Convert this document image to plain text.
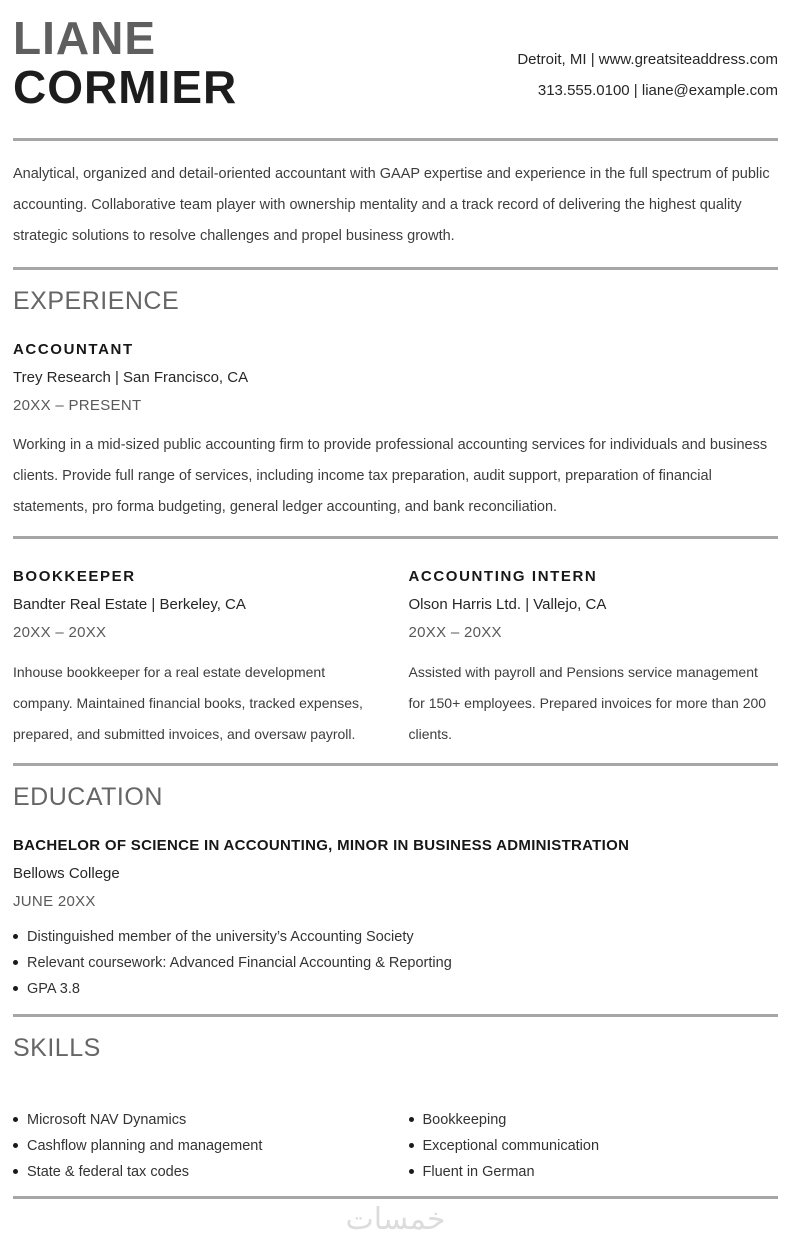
LIANE
CORMIER
Detroit, MI | www.greatsiteaddress.com
313.555.0100 | liane@example.com

Analytical, organized and detail-oriented accountant with GAAP expertise and experience in the full spectrum of public accounting. Collaborative team player with ownership mentality and a track record of delivering the highest quality strategic solutions to resolve challenges and propel business growth.

EXPERIENCE
ACCOUNTANT
Trey Research | San Francisco, CA
20XX – PRESENT

Working in a mid-sized public accounting firm to provide professional accounting services for individuals and business clients. Provide full range of services, including income tax preparation, audit support, preparation of financial statements, pro forma budgeting, general ledger accounting, and bank reconciliation.

BOOKKEEPER
Bandter Real Estate | Berkeley, CA
20XX – 20XX

Inhouse bookkeeper for a real estate development company. Maintained financial books, tracked expenses, prepared, and submitted invoices, and oversaw payroll.

ACCOUNTING INTERN
Olson Harris Ltd. | Vallejo, CA
20XX – 20XX

Assisted with payroll and Pensions service management for 150+ employees. Prepared invoices for more than 200 clients.

EDUCATION
BACHELOR OF SCIENCE IN ACCOUNTING, MINOR IN BUSINESS ADMINISTRATION
Bellows College
JUNE 20XX
Distinguished member of the university’s Accounting Society
Relevant coursework: Advanced Financial Accounting & Reporting
GPA 3.8
SKILLS
Microsoft NAV Dynamics
Cashflow planning and management
State & federal tax codes
Bookkeeping
Exceptional communication
Fluent in German
خمسات
